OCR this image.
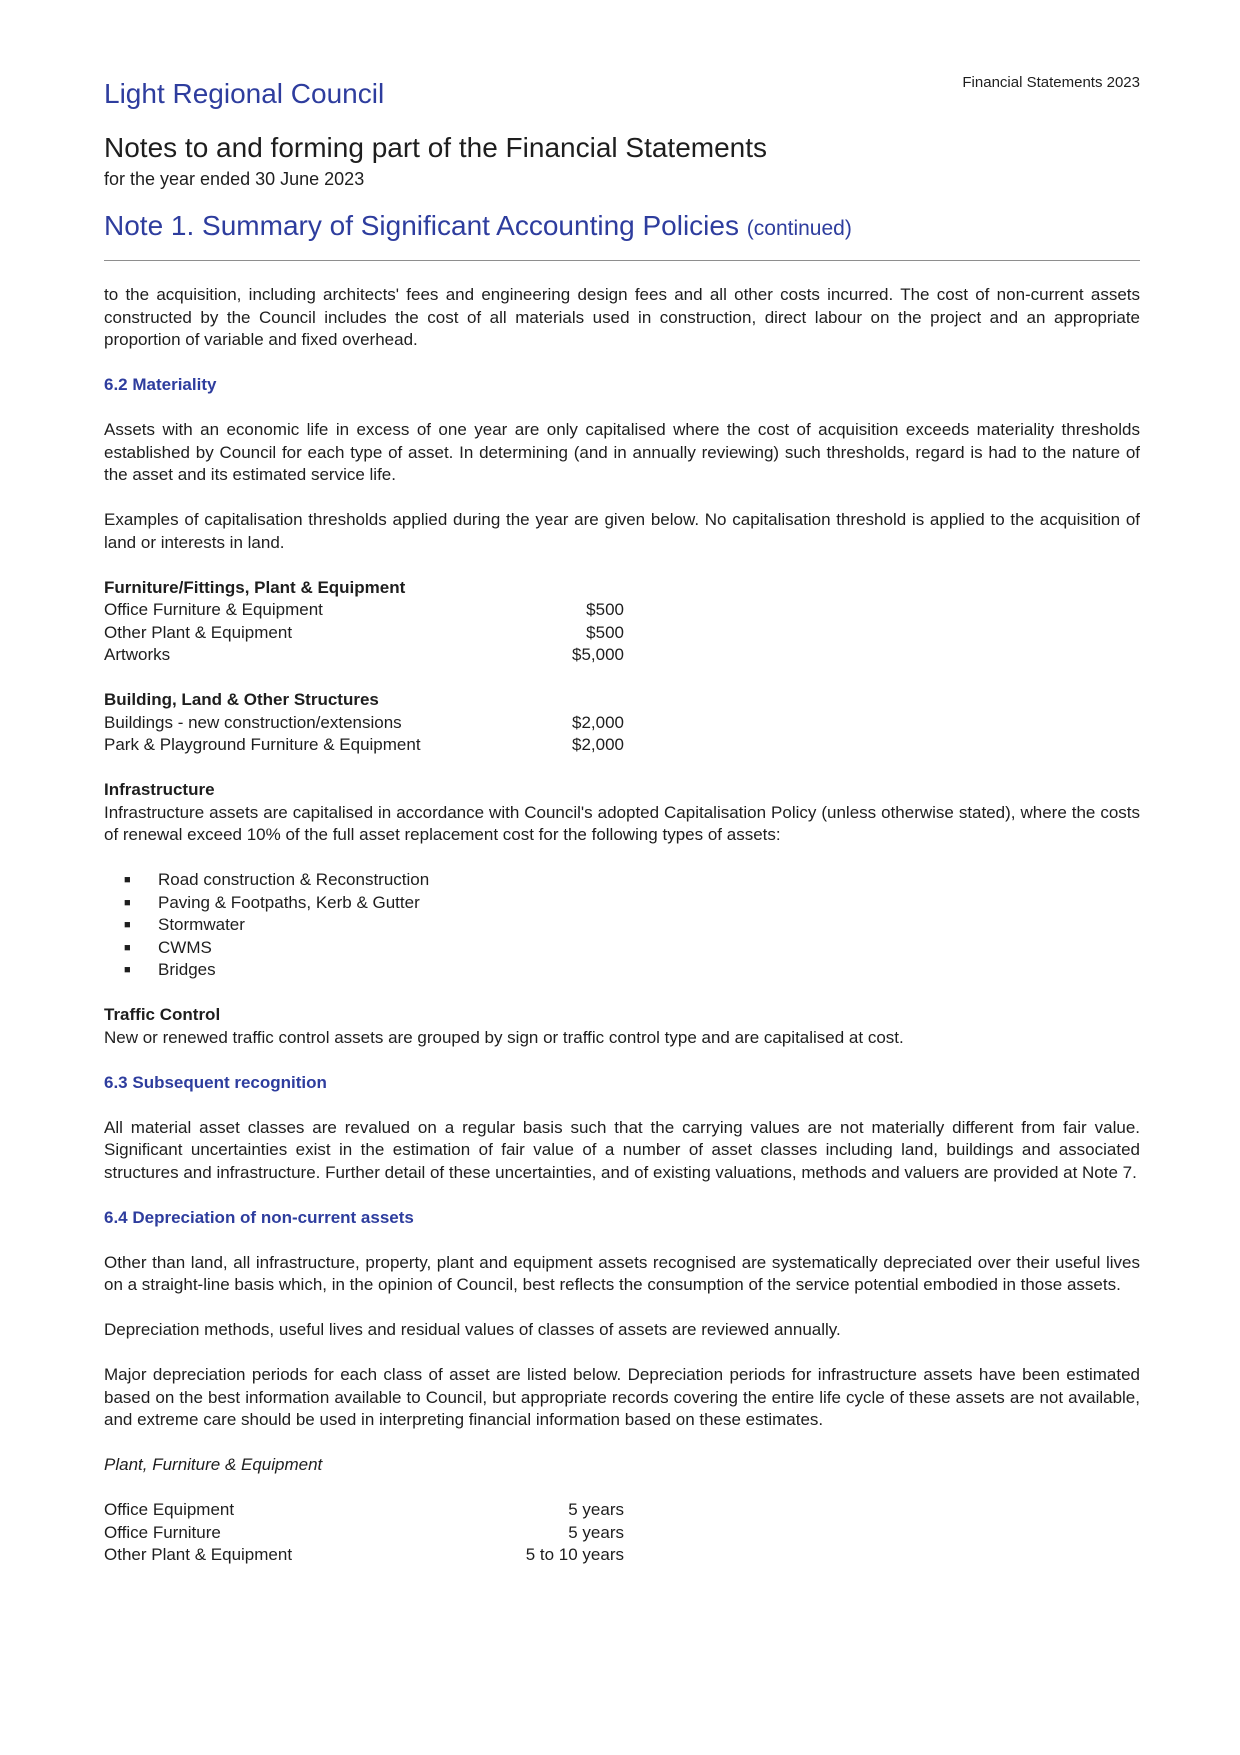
Light Regional Council	Financial Statements 2023
Notes to and forming part of the Financial Statements
for the year ended 30 June 2023
Note 1. Summary of Significant Accounting Policies (continued)

to the acquisition, including architects' fees and engineering design fees and all other costs incurred. The cost of non-current assets constructed by the Council includes the cost of all materials used in construction, direct labour on the project and an appropriate proportion of variable and fixed overhead.

6.2 Materiality

Assets with an economic life in excess of one year are only capitalised where the cost of acquisition exceeds materiality thresholds established by Council for each type of asset. In determining (and in annually reviewing) such thresholds, regard is had to the nature of the asset and its estimated service life.

Examples of capitalisation thresholds applied during the year are given below. No capitalisation threshold is applied to the acquisition of land or interests in land.

Furniture/Fittings, Plant & Equipment
Office Furniture & Equipment	$500
Other Plant & Equipment	$500
Artworks	$5,000
Building, Land & Other Structures
Buildings - new construction/extensions	$2,000
Park & Playground Furniture & Equipment	$2,000
Infrastructure

Infrastructure assets are capitalised in accordance with Council's adopted Capitalisation Policy (unless otherwise stated), where the costs of renewal exceed 10% of the full asset replacement cost for the following types of assets:

■ Road construction & Reconstruction
■ Paving & Footpaths, Kerb & Gutter
■ Stormwater
■ CWMS
■ Bridges
Traffic Control

New or renewed traffic control assets are grouped by sign or traffic control type and are capitalised at cost.

6.3 Subsequent recognition

All material asset classes are revalued on a regular basis such that the carrying values are not materially different from fair value. Significant uncertainties exist in the estimation of fair value of a number of asset classes including land, buildings and associated structures and infrastructure. Further detail of these uncertainties, and of existing valuations, methods and valuers are provided at Note 7.

6.4 Depreciation of non-current assets

Other than land, all infrastructure, property, plant and equipment assets recognised are systematically depreciated over their useful lives on a straight-line basis which, in the opinion of Council, best reflects the consumption of the service potential embodied in those assets.

Depreciation methods, useful lives and residual values of classes of assets are reviewed annually.

Major depreciation periods for each class of asset are listed below. Depreciation periods for infrastructure assets have been estimated based on the best information available to Council, but appropriate records covering the entire life cycle of these assets are not available, and extreme care should be used in interpreting financial information based on these estimates.

Plant, Furniture & Equipment
Office Equipment	5 years
Office Furniture	5 years
Other Plant & Equipment	5 to 10 years
